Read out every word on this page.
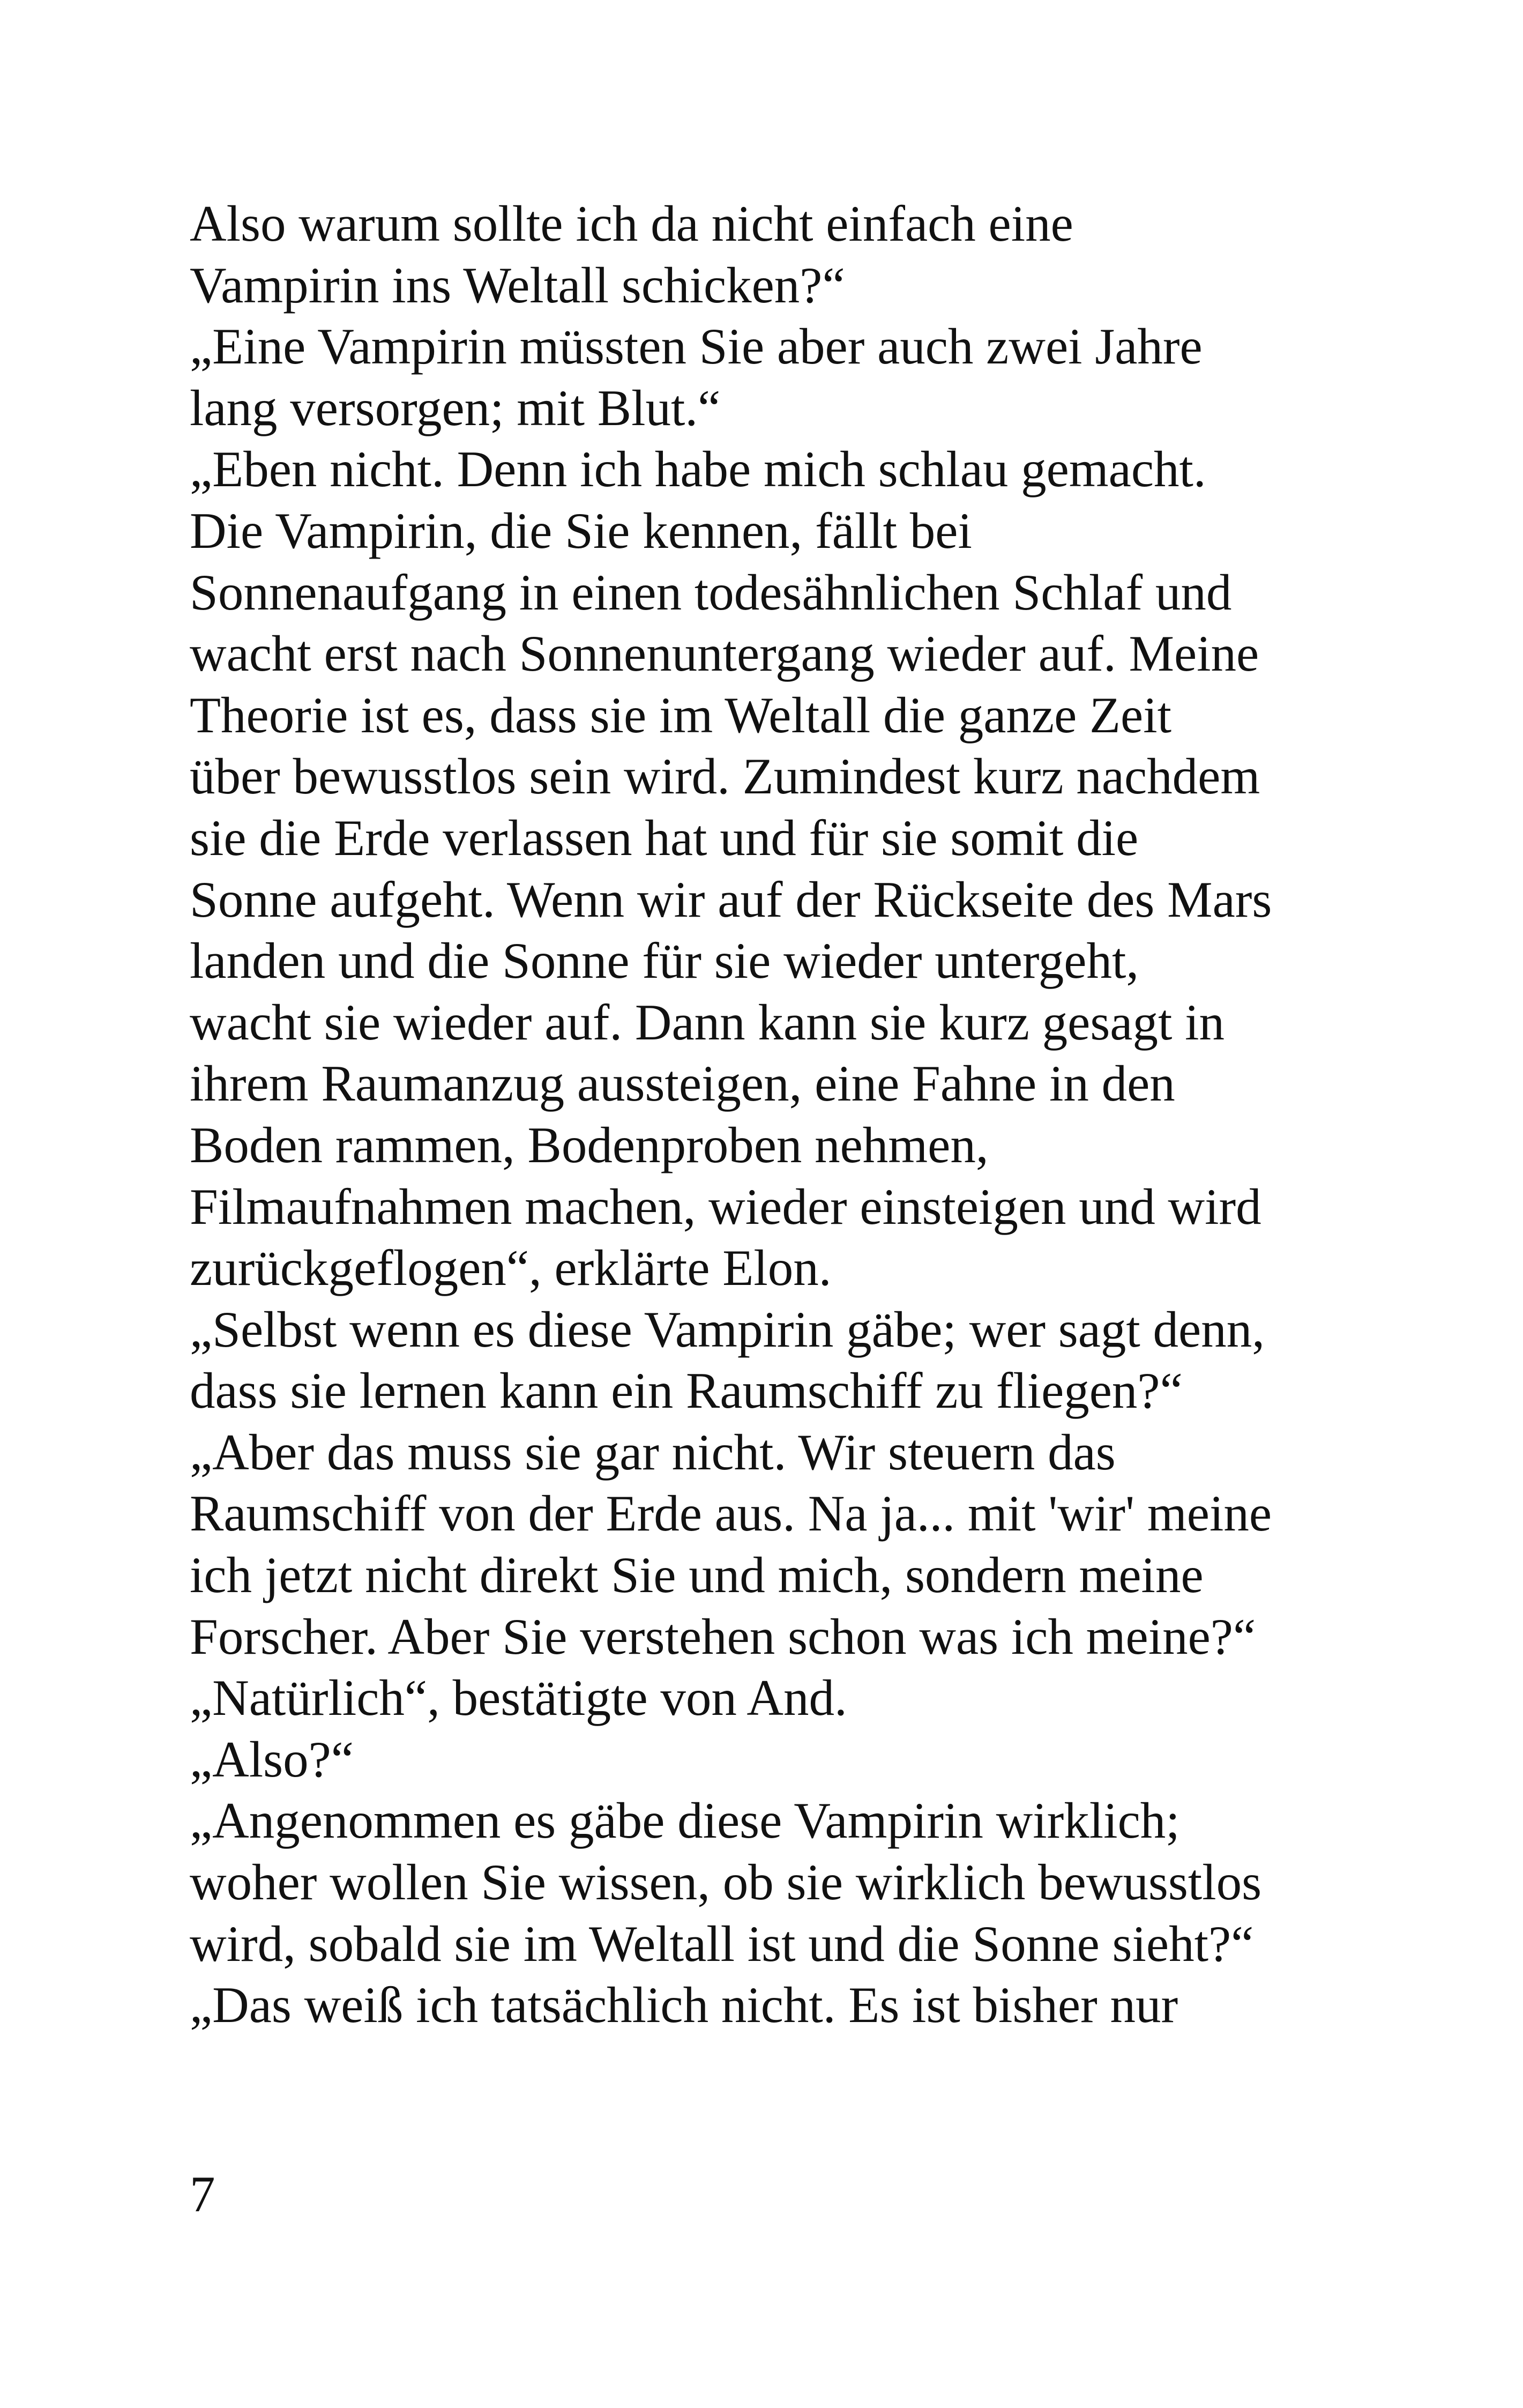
Also warum sollte ich da nicht einfach eine
Vampirin ins Weltall schicken?“
„Eine Vampirin müssten Sie aber auch zwei Jahre
lang versorgen; mit Blut.“
„Eben nicht. Denn ich habe mich schlau gemacht.
Die Vampirin, die Sie kennen, fällt bei
Sonnenaufgang in einen todesähnlichen Schlaf und
wacht erst nach Sonnenuntergang wieder auf. Meine
Theorie ist es, dass sie im Weltall die ganze Zeit
über bewusstlos sein wird. Zumindest kurz nachdem
sie die Erde verlassen hat und für sie somit die
Sonne aufgeht. Wenn wir auf der Rückseite des Mars
landen und die Sonne für sie wieder untergeht,
wacht sie wieder auf. Dann kann sie kurz gesagt in
ihrem Raumanzug aussteigen, eine Fahne in den
Boden rammen, Bodenproben nehmen,
Filmaufnahmen machen, wieder einsteigen und wird
zurückgeflogen“, erklärte Elon.
„Selbst wenn es diese Vampirin gäbe; wer sagt denn,
dass sie lernen kann ein Raumschiff zu fliegen?“
„Aber das muss sie gar nicht. Wir steuern das
Raumschiff von der Erde aus. Na ja... mit 'wir' meine
ich jetzt nicht direkt Sie und mich, sondern meine
Forscher. Aber Sie verstehen schon was ich meine?“
„Natürlich“, bestätigte von And.
„Also?“
„Angenommen es gäbe diese Vampirin wirklich;
woher wollen Sie wissen, ob sie wirklich bewusstlos
wird, sobald sie im Weltall ist und die Sonne sieht?“
„Das weiß ich tatsächlich nicht. Es ist bisher nur
7
